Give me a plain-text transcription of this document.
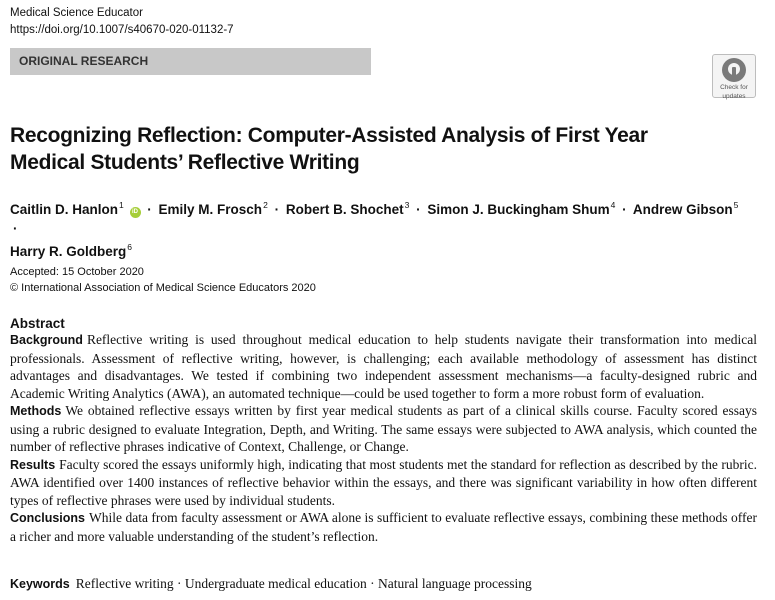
Medical Science Educator
https://doi.org/10.1007/s40670-020-01132-7
ORIGINAL RESEARCH
Check for
updates
Recognizing Reflection: Computer-Assisted Analysis of First Year
Medical Students’ Reflective Writing
Caitlin D. Hanlon$^1$ iD · Emily M. Frosch$^2$ · Robert B. Shochet$^3$ · Simon J. Buckingham Shum$^4$ · Andrew Gibson$^5$ ·
Harry R. Goldberg$^6$
Accepted: 15 October 2020
© International Association of Medical Science Educators 2020
Abstract

Background Reflective writing is used throughout medical education to help students navigate their transformation into medical professionals. Assessment of reflective writing, however, is challenging; each available methodology of assessment has distinct advantages and disadvantages. We tested if combining two independent assessment mechanisms—a faculty-designed rubric and Academic Writing Analytics (AWA), an automated technique—could be used together to form a more robust form of evaluation.

Methods We obtained reflective essays written by first year medical students as part of a clinical skills course. Faculty scored essays using a rubric designed to evaluate Integration, Depth, and Writing. The same essays were subjected to AWA analysis, which counted the number of reflective phrases indicative of Context, Challenge, or Change.

Results Faculty scored the essays uniformly high, indicating that most students met the standard for reflection as described by the rubric. AWA identified over 1400 instances of reflective behavior within the essays, and there was significant variability in how often different types of reflective phrases were used by individual students.

Conclusions While data from faculty assessment or AWA alone is sufficient to evaluate reflective essays, combining these methods offer a richer and more valuable understanding of the student’s reflection.

Keywords Reflective writing · Undergraduate medical education · Natural language processing
